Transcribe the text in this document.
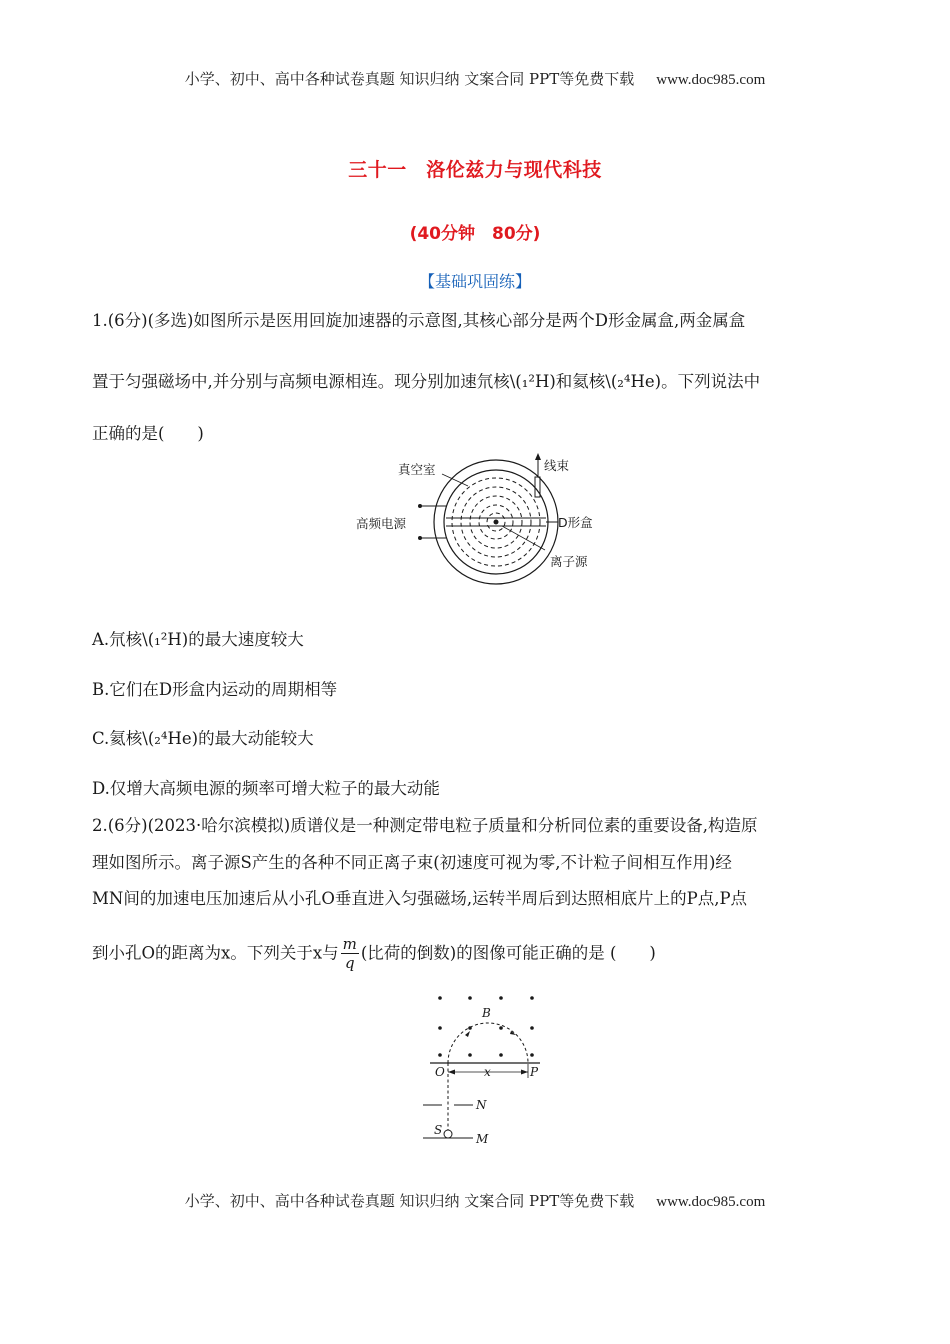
小学、初中、高中各种试卷真题 知识归纳 文案合同 PPT等免费下载 www.doc985.com
三十一　洛伦兹力与现代科技
(40分钟　80分)
【基础巩固练】
1.(6分)(多选)如图所示是医用回旋加速器的示意图,其核心部分是两个D形金属盒,两金属盒
置于匀强磁场中,并分别与高频电源相连。现分别加速氘核\(₁²H)和氦核\(₂⁴He)。下列说法中
正确的是(　　)
真空室	线束
高频电源	D形盒
离子源
A.氘核\(₁²H)的最大速度较大
B.它们在D形盒内运动的周期相等
C.氦核\(₂⁴He)的最大动能较大
D.仅增大高频电源的频率可增大粒子的最大动能
2.(6分)(2023·哈尔滨模拟)质谱仪是一种测定带电粒子质量和分析同位素的重要设备,构造原
理如图所示。离子源S产生的各种不同正离子束(初速度可视为零,不计粒子间相互作用)经
MN间的加速电压加速后从小孔O垂直进入匀强磁场,运转半周后到达照相底片上的P点,P点
到小孔O的距离为x。下列关于x与 $\frac{m}{q}$ (比荷的倒数)的图像可能正确的是 (　　)
B
O	x	P
N
S
M
小学、初中、高中各种试卷真题 知识归纳 文案合同 PPT等免费下载 www.doc985.com
